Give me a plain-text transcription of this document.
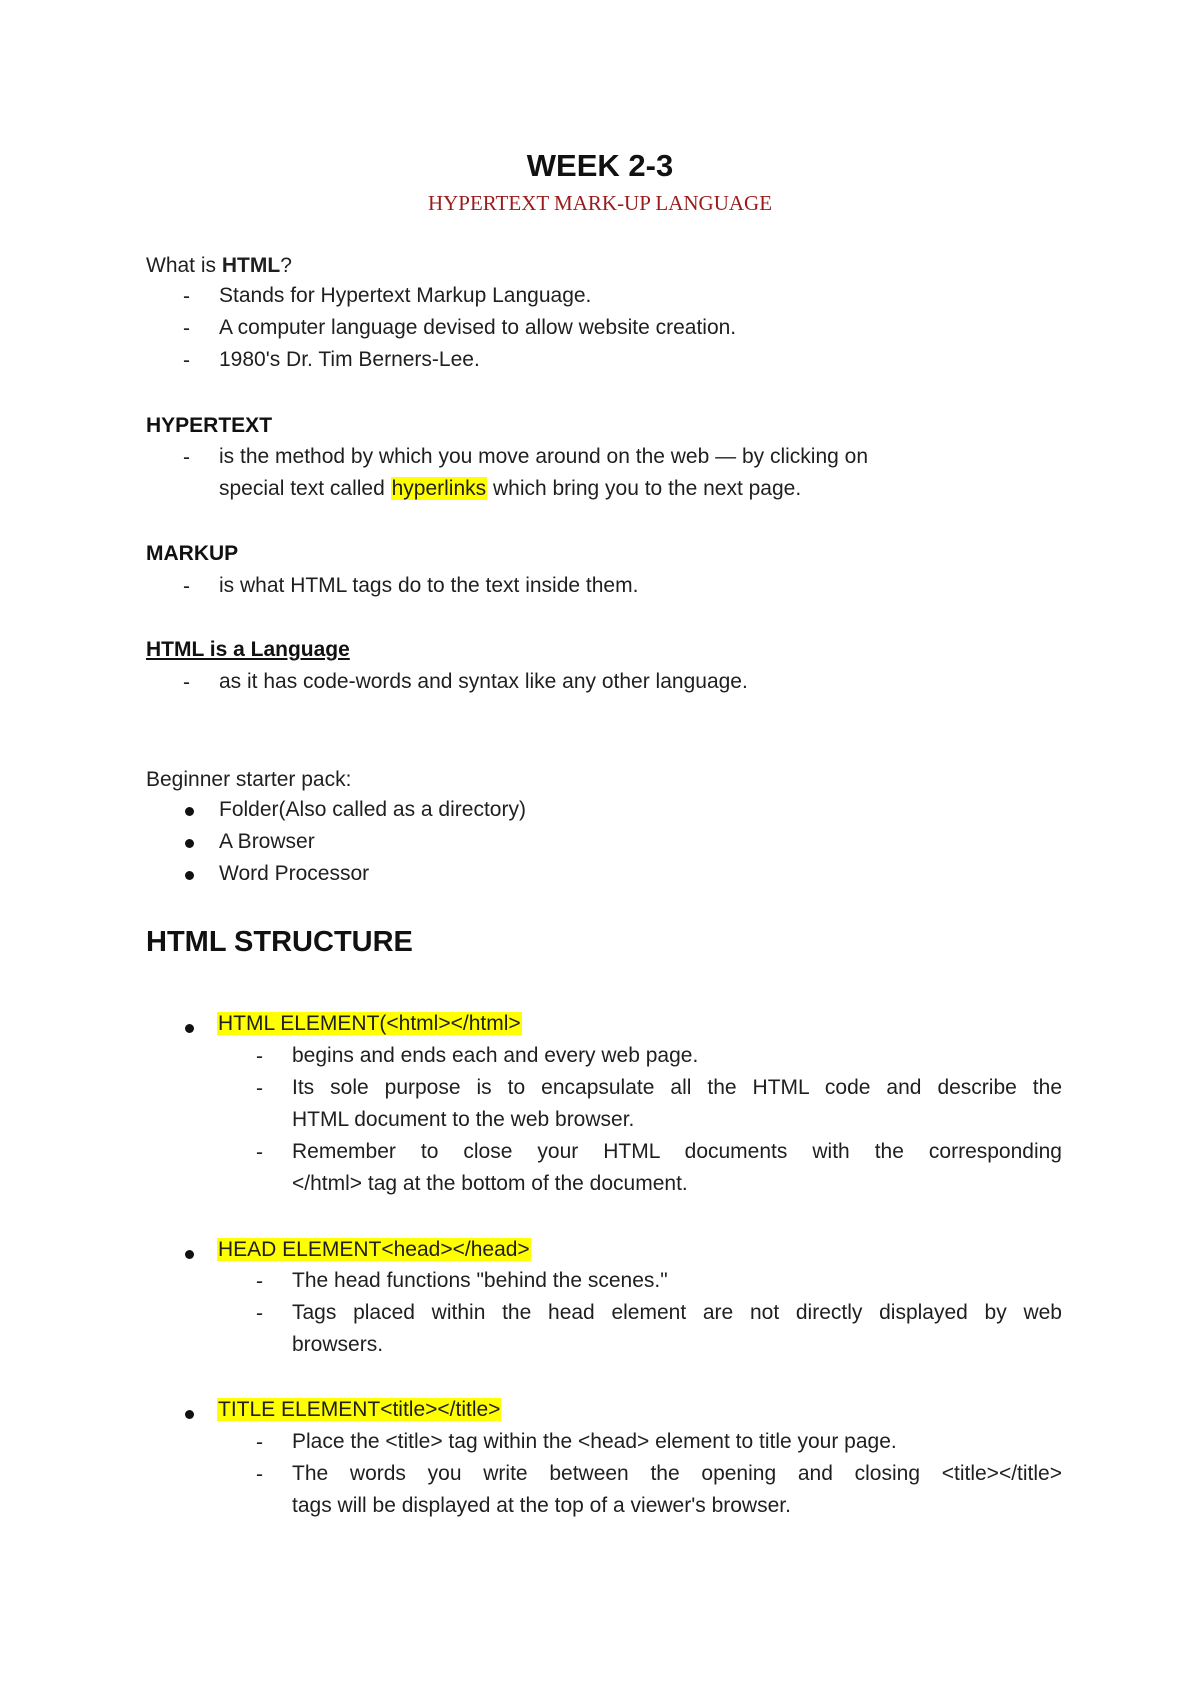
WEEK 2-3
HYPERTEXT MARK-UP LANGUAGE
What is HTML?
- Stands for Hypertext Markup Language.
- A computer language devised to allow website creation.
- 1980's Dr. Tim Berners-Lee.
HYPERTEXT
- is the method by which you move around on the web — by clicking on
special text called hyperlinks which bring you to the next page.
MARKUP
- is what HTML tags do to the text inside them.
HTML is a Language
- as it has code-words and syntax like any other language.
Beginner starter pack:
Folder(Also called as a directory)
A Browser
Word Processor
HTML STRUCTURE
HTML ELEMENT(<html></html>
- begins and ends each and every web page.
- Its sole purpose is to encapsulate all the HTML code and describe the
HTML document to the web browser.
- Remember to close your HTML documents with the corresponding
</html> tag at the bottom of the document.
HEAD ELEMENT<head></head>
- The head functions "behind the scenes."
- Tags placed within the head element are not directly displayed by web
browsers.
TITLE ELEMENT<title></title>
- Place the <title> tag within the <head> element to title your page.
- The words you write between the opening and closing <title></title>
tags will be displayed at the top of a viewer's browser.
